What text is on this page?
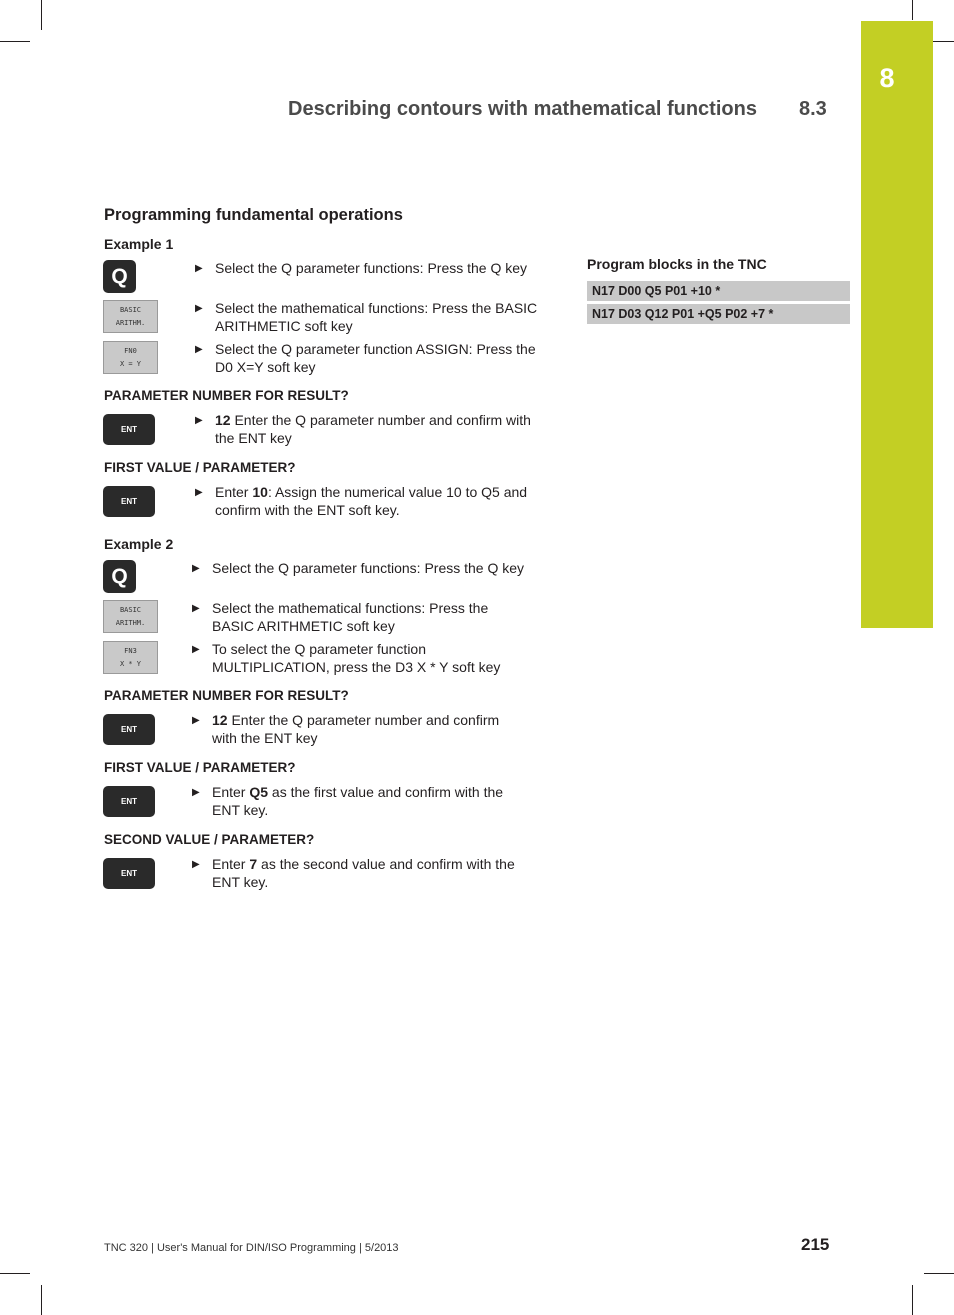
8
Describing contours with mathematical functions 8.3
Programming fundamental operations
Example 1
Q	▶ Select the Q parameter functions: Press the Q key
BASIC
ARITHM.
▶ Select the mathematical functions: Press the BASIC
ARITHMETIC soft key
FN0
X = Y
▶ Select the Q parameter function ASSIGN: Press the
D0 X=Y soft key
PARAMETER NUMBER FOR RESULT?
ENT
▶ 12 Enter the Q parameter number and confirm with
the ENT key
FIRST VALUE / PARAMETER?
ENT
▶ Enter 10: Assign the numerical value 10 to Q5 and
confirm with the ENT soft key.
Example 2
Q	▶ Select the Q parameter functions: Press the Q key
BASIC
ARITHM.
▶ Select the mathematical functions: Press the
BASIC ARITHMETIC soft key
FN3
X * Y
▶ To select the Q parameter function
MULTIPLICATION, press the D3 X * Y soft key
PARAMETER NUMBER FOR RESULT?
ENT
▶ 12 Enter the Q parameter number and confirm
with the ENT key
FIRST VALUE / PARAMETER?
ENT
▶ Enter Q5 as the first value and confirm with the
ENT key.
SECOND VALUE / PARAMETER?
ENT
▶ Enter 7 as the second value and confirm with the
ENT key.
Program blocks in the TNC
N17 D00 Q5 P01 +10 *
N17 D03 Q12 P01 +Q5 P02 +7 *
TNC 320 | User's Manual for DIN/ISO Programming | 5/2013	215
